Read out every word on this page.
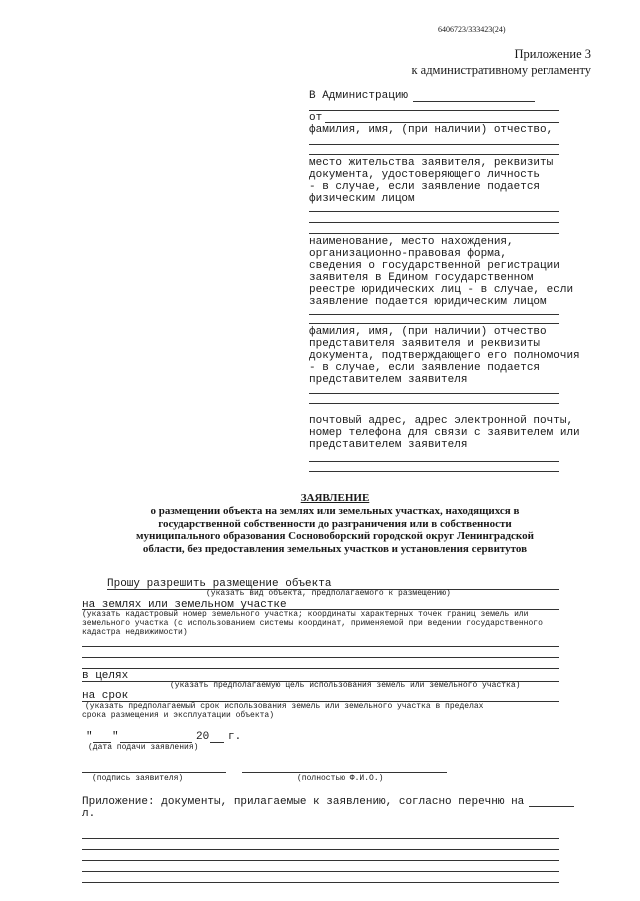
6406723/333423(24)
Приложение 3
к административному регламенту
В Администрацию
от
фамилия, имя, (при наличии) отчество,
место жительства заявителя, реквизиты
документа, удостоверяющего личность
- в случае, если заявление подается
физическим лицом
наименование, место нахождения,
организационно-правовая форма,
сведения о государственной регистрации
заявителя в Едином государственном
реестре юридических лиц - в случае, если
заявление подается юридическим лицом
фамилия, имя, (при наличии) отчество
представителя заявителя и реквизиты
документа, подтверждающего его полномочия
- в случае, если заявление подается
представителем заявителя
почтовый адрес, адрес электронной почты,
номер телефона для связи с заявителем или
представителем заявителя
ЗАЯВЛЕНИЕ
о размещении объекта на землях или земельных участках, находящихся в
государственной собственности до разграничения или в собственности
муниципального образования Сосновоборский городской округ Ленинградской
области, без предоставления земельных участков и установления сервитутов
Прошу разрешить размещение объекта
(указать вид объекта, предполагаемого к размещению)
на землях или земельном участке
(указать кадастровый номер земельного участка; координаты характерных точек границ земель или
земельного участка (с использованием системы координат, применяемой при ведении государственного
кадастра недвижимости)
в целях
(указать предполагаемую цель использования земель или земельного участка)
на срок
(указать предполагаемый срок использования земель или земельного участка в пределах
срока размещения и эксплуатации объекта)
" "	20 г.
(дата подачи заявления)
(подпись заявителя)	(полностью Ф.И.О.)
Приложение: документы, прилагаемые к заявлению, согласно перечню на
л.
